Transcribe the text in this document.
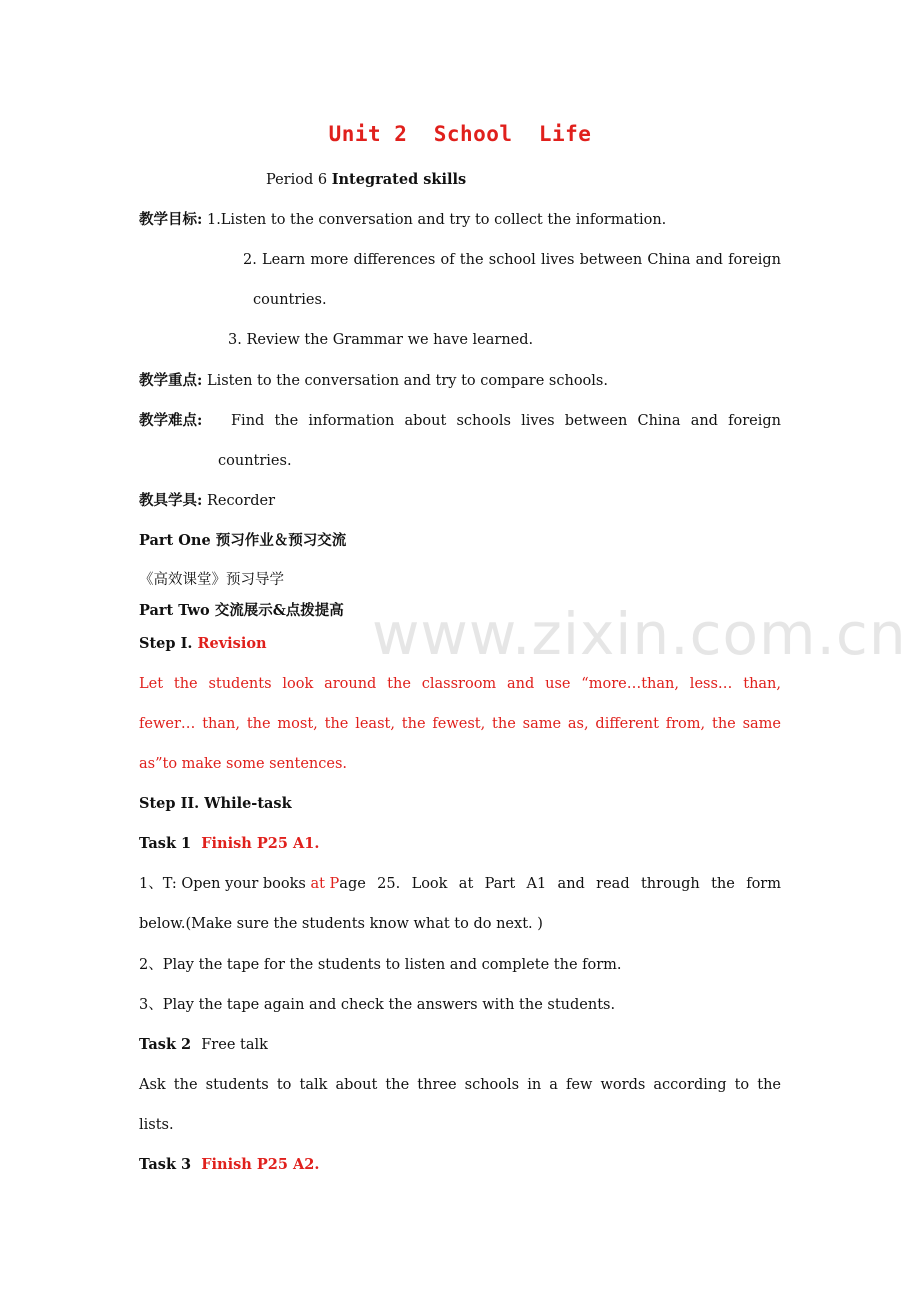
www.zixin.com.cn
Unit 2  School  Life
Period 6 Integrated skills
教学目标: 1.Listen to the conversation and try to collect the information.
2. Learn more differences of the school lives between China and foreign
countries.
3. Review the Grammar we have learned.
教学重点: Listen to the conversation and try to compare schools.
教学难点: Find the information about schools lives between China and foreign
countries.
教具学具: Recorder
Part One 预习作业＆预习交流
《高效课堂》预习导学
Part Two 交流展示&点拨提高
Step I. Revision
Let the students look around the classroom and use “more…than, less… than,
fewer… than, the most, the least, the fewest, the same as, different from, the same
as”to make some sentences.
Step II. While-task
Task 1  Finish P25 A1.
1、T: Open your books at P age 25. Look at Part A1 and read through the form
below.(Make sure the students know what to do next. )
2、Play the tape for the students to listen and complete the form.
3、Play the tape again and check the answers with the students.
Task 2  Free talk
Ask the students to talk about the three schools in a few words according to the
lists.
Task 3  Finish P25 A2.
